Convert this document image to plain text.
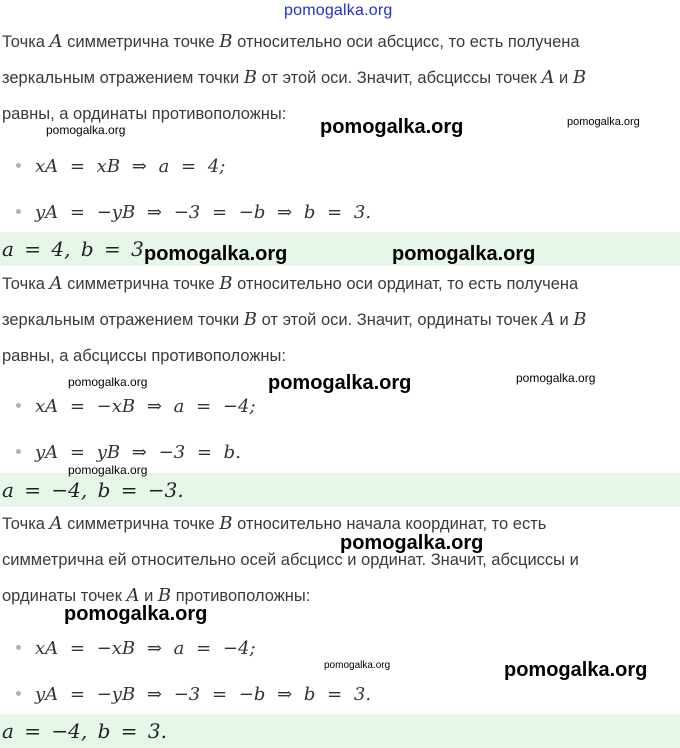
Точка A симметрична точке B относительно оси абсцисс, то есть получена
зеркальным отражением точки B от этой оси. Значит, абсциссы точек A и B
равны, а ординаты противоположны:
xA = xB ⇒ a = 4;
yA = −yB ⇒ −3 = −b ⇒ b = 3.
a = 4, b = 3.
Точка A симметрична точке B относительно оси ординат, то есть получена
зеркальным отражением точки B от этой оси. Значит, ординаты точек A и B
равны, а абсциссы противоположны:
xA = −xB ⇒ a = −4;
yA = yB ⇒ −3 = b.
a = −4, b = −3.
Точка A симметрична точке B относительно начала координат, то есть
симметрична ей относительно осей абсцисс и ординат. Значит, абсциссы и
ординаты точек A и B противоположны:
xA = −xB ⇒ a = −4;
yA = −yB ⇒ −3 = −b ⇒ b = 3.
a = −4, b = 3.
pomogalka.org
pomogalka.org	pomogalka.org	pomogalka.org
pomogalka.org	pomogalka.org
pomogalka.org	pomogalka.org	pomogalka.org
pomogalka.org
pomogalka.org
pomogalka.org
pomogalka.org	pomogalka.org
